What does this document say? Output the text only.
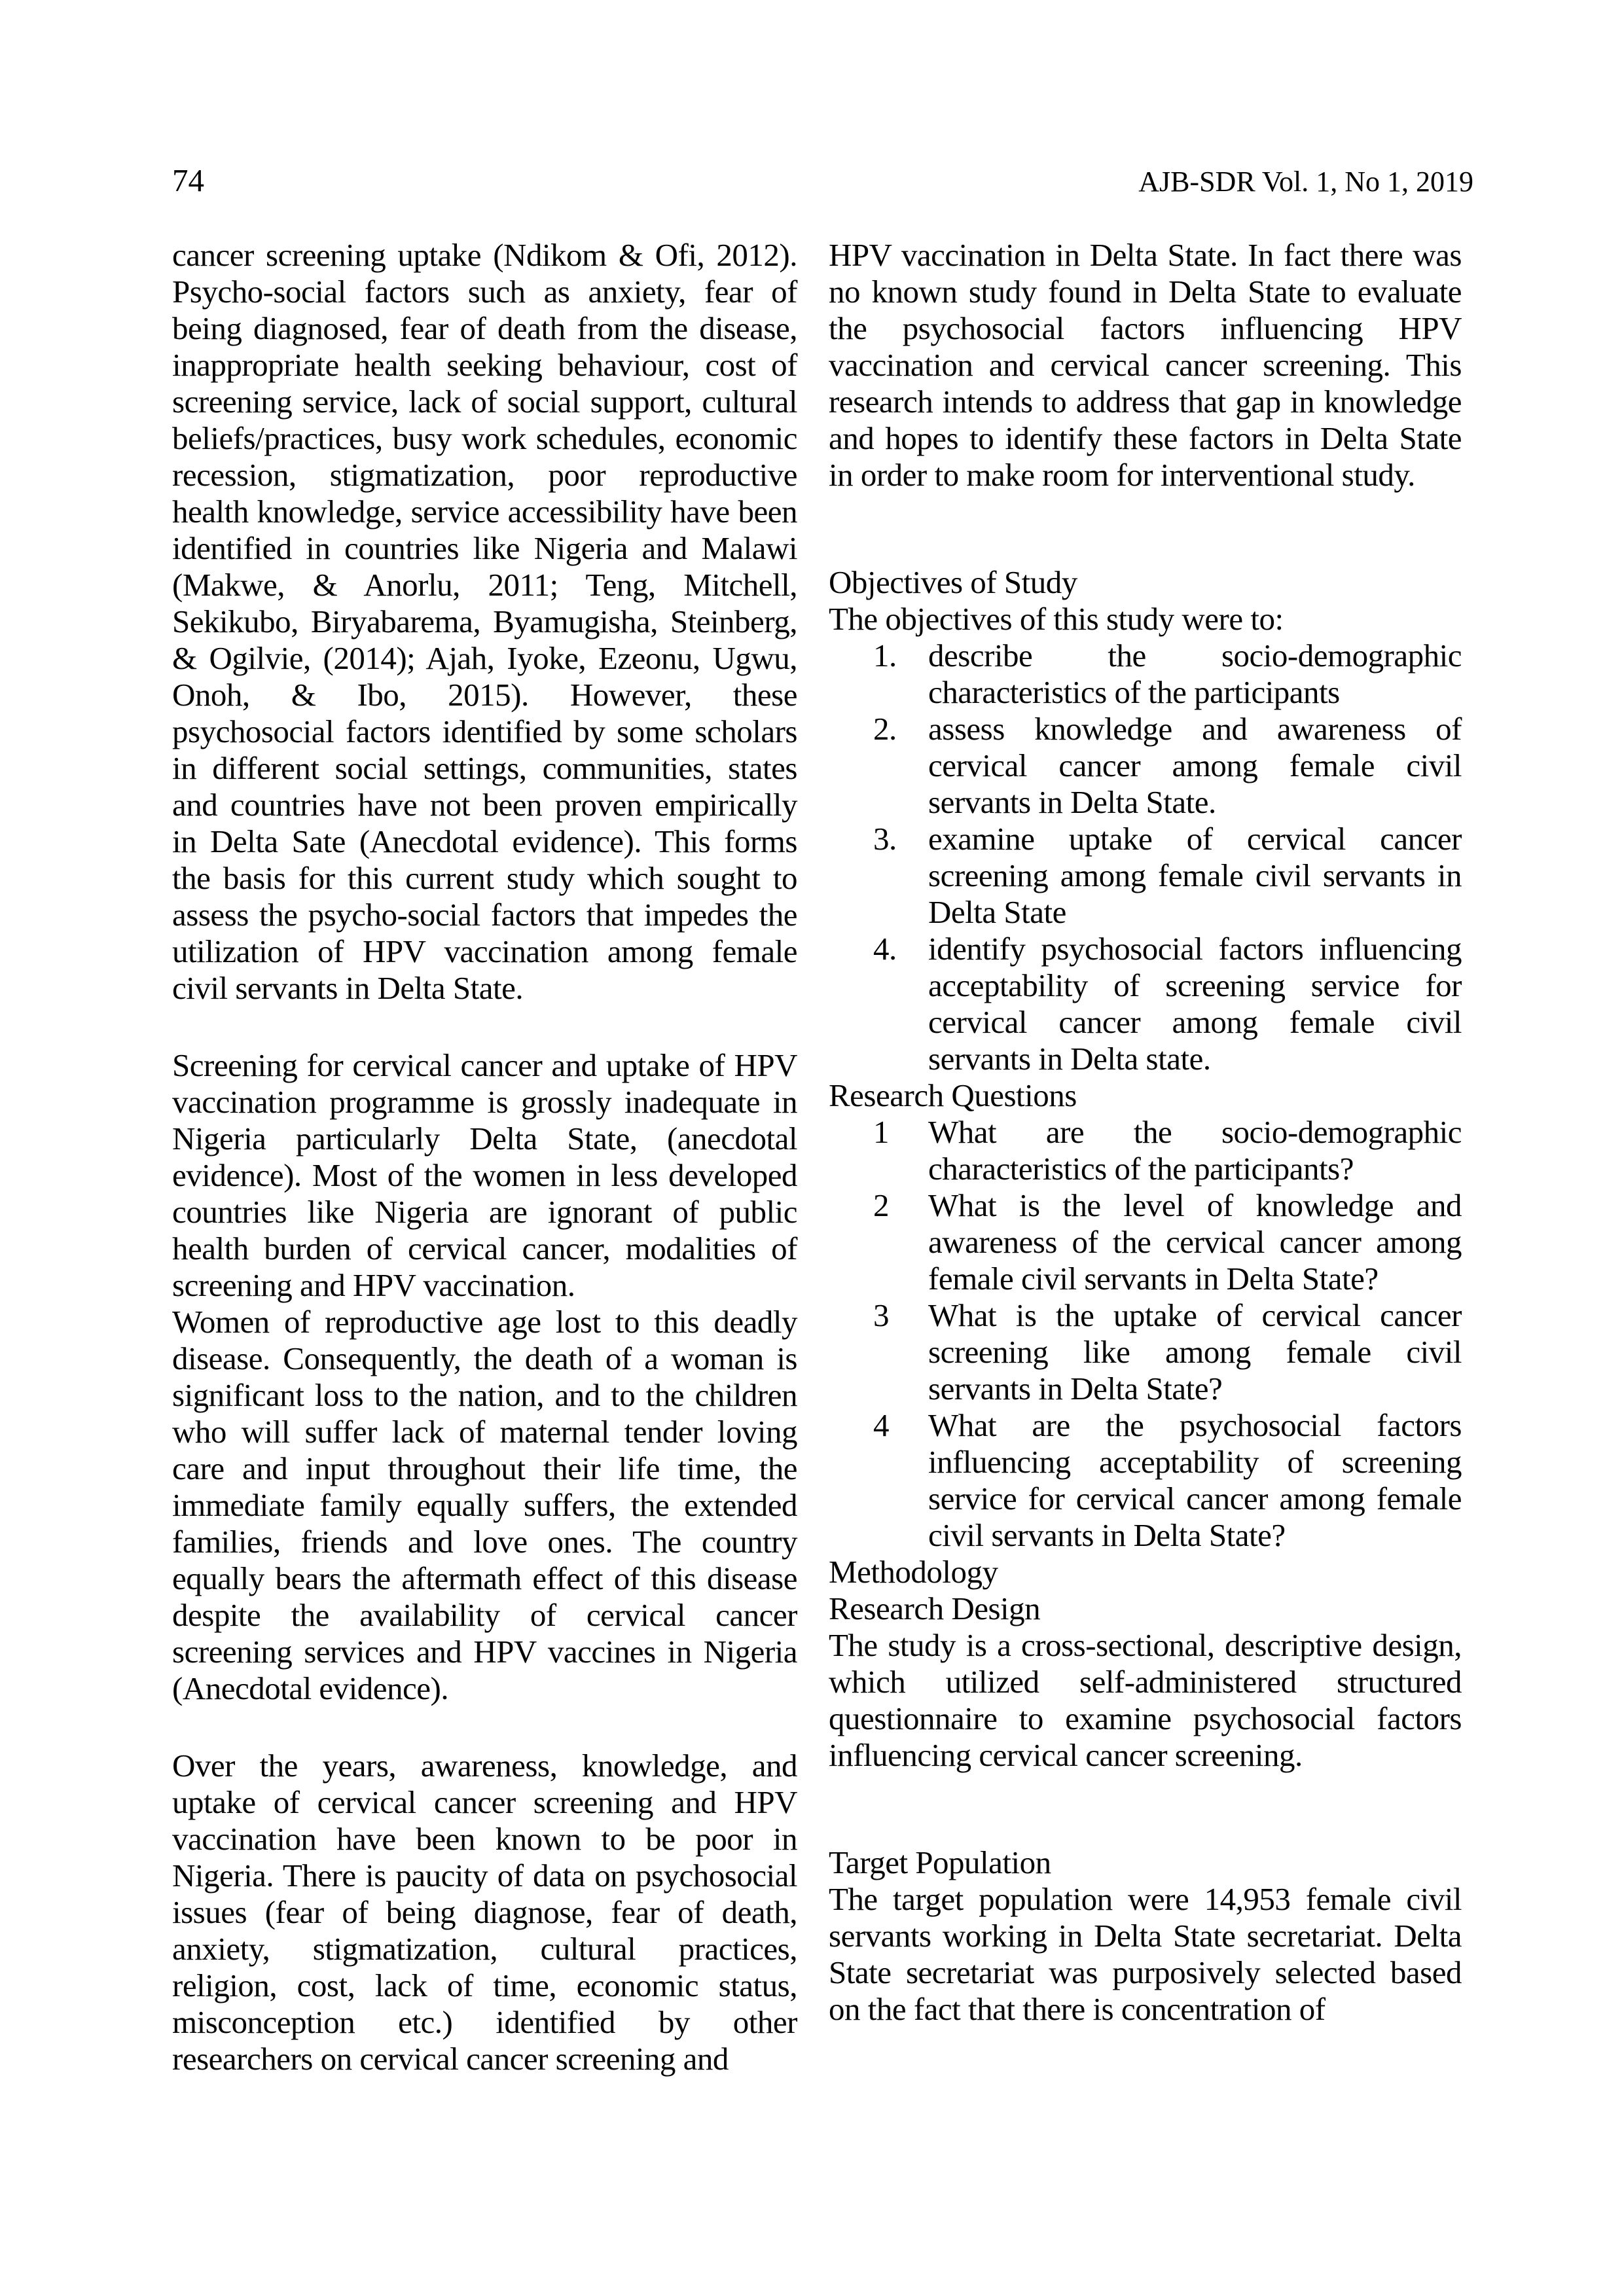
74	AJB-SDR Vol. 1, No 1, 2019

cancer screening uptake (Ndikom & Ofi, 2012). Psycho-social factors such as anxiety, fear of being diagnosed, fear of death from the disease, inappropriate health seeking behaviour, cost of screening service, lack of social support, cultural beliefs/practices, busy work schedules, economic recession, stigmatization, poor reproductive health knowledge, service accessibility have been identified in countries like Nigeria and Malawi (Makwe, & Anorlu, 2011; Teng, Mitchell, Sekikubo, Biryabarema, Byamugisha, Steinberg, & Ogilvie, (2014); Ajah, Iyoke, Ezeonu, Ugwu, Onoh, & Ibo, 2015). However, these psychosocial factors identified by some scholars in different social settings, communities, states and countries have not been proven empirically in Delta Sate (Anecdotal evidence). This forms the basis for this current study which sought to assess the psycho-social factors that impedes the utilization of HPV vaccination among female civil servants in Delta State.

Screening for cervical cancer and uptake of HPV vaccination programme is grossly inadequate in Nigeria particularly Delta State, (anecdotal evidence). Most of the women in less developed countries like Nigeria are ignorant of public health burden of cervical cancer, modalities of screening and HPV vaccination.

Women of reproductive age lost to this deadly disease. Consequently, the death of a woman is significant loss to the nation, and to the children who will suffer lack of maternal tender loving care and input throughout their life time, the immediate family equally suffers, the extended families, friends and love ones. The country equally bears the aftermath effect of this disease despite the availability of cervical cancer screening services and HPV vaccines in Nigeria (Anecdotal evidence).

Over the years, awareness, knowledge, and uptake of cervical cancer screening and HPV vaccination have been known to be poor in Nigeria. There is paucity of data on psychosocial issues (fear of being diagnose, fear of death, anxiety, stigmatization, cultural practices, religion, cost, lack of time, economic status, misconception etc.) identified by other researchers on cervical cancer screening and

HPV vaccination in Delta State. In fact there was no known study found in Delta State to evaluate the psychosocial factors influencing HPV vaccination and cervical cancer screening. This research intends to address that gap in knowledge and hopes to identify these factors in Delta State in order to make room for interventional study.

Objectives of Study
The objectives of this study were to:
1. describe the socio-demographic characteristics of the participants
2. assess knowledge and awareness of cervical cancer among female civil servants in Delta State.
3. examine uptake of cervical cancer screening among female civil servants in Delta State
4. identify psychosocial factors influencing acceptability of screening service for cervical cancer among female civil servants in Delta state.
Research Questions
1	What are the socio-demographic characteristics of the participants?
2	What is the level of knowledge and awareness of the cervical cancer among female civil servants in Delta State?
3	What is the uptake of cervical cancer screening like among female civil servants in Delta State?
4	What are the psychosocial factors influencing acceptability of screening service for cervical cancer among female civil servants in Delta State?
Methodology
Research Design

The study is a cross-sectional, descriptive design, which utilized self-administered structured questionnaire to examine psychosocial factors influencing cervical cancer screening.

Target Population

The target population were 14,953 female civil servants working in Delta State secretariat. Delta State secretariat was purposively selected based on the fact that there is concentration of
